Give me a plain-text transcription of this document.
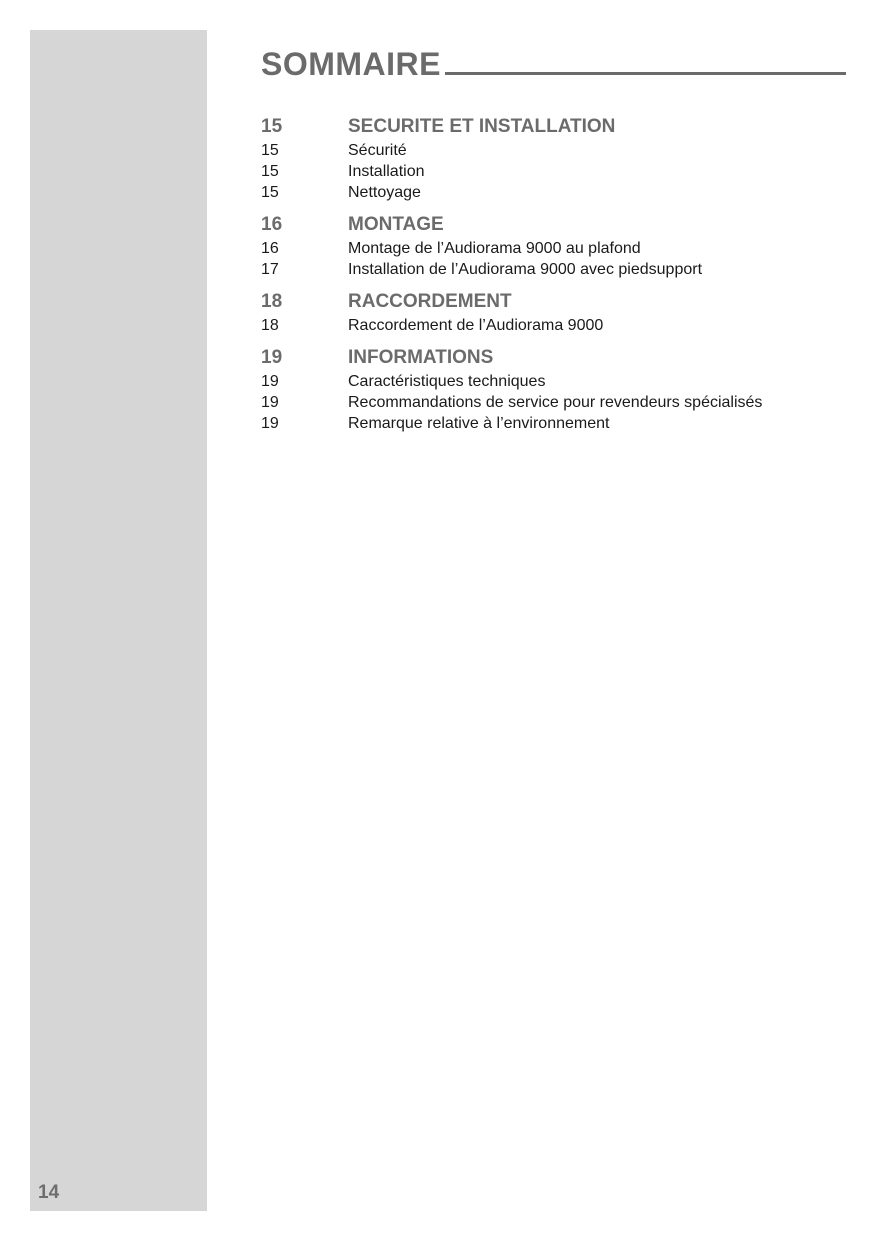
14
SOMMAIRE
15	SECURITE ET INSTALLATION
15	Sécurité
15	Installation
15	Nettoyage
16	MONTAGE
16	Montage de l’Audiorama 9000 au plafond
17	Installation de l’Audiorama 9000 avec piedsupport
18	RACCORDEMENT
18	Raccordement de l’Audiorama 9000
19	INFORMATIONS
19	Caractéristiques techniques
19	Recommandations de service pour revendeurs spécialisés
19	Remarque relative à l’environnement
